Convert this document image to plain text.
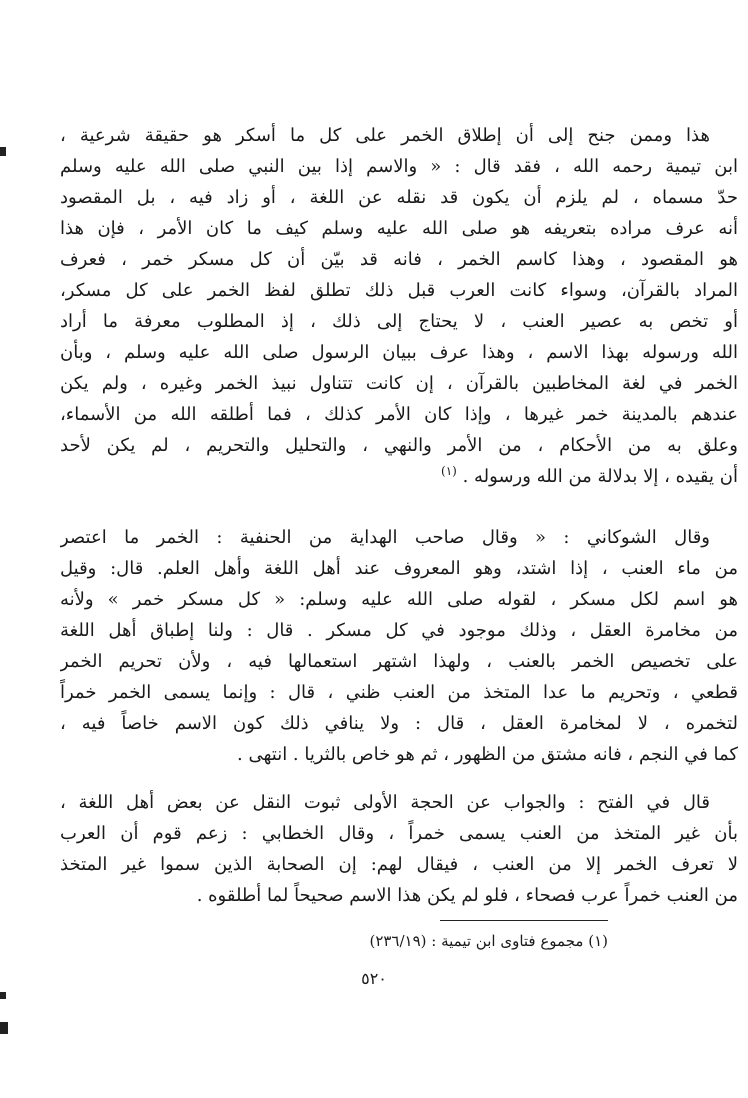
هذا وممن جنح إلى أن إطلاق الخمر على كل ما أسكر هو حقيقة شرعية ،
ابن تيمية رحمه الله ، فقد قال : « والاسم إذا بين النبي صلى الله عليه وسلم
حدّ مسماه ، لم يلزم أن يكون قد نقله عن اللغة ، أو زاد فيه ، بل المقصود
أنه عرف مراده بتعريفه هو صلى الله عليه وسلم كيف ما كان الأمر ، فإن هذا
هو المقصود ، وهذا كاسم الخمر ، فانه قد بيّن أن كل مسكر خمر ، فعرف
المراد بالقرآن، وسواء كانت العرب قبل ذلك تطلق لفظ الخمر على كل مسكر،
أو تخص به عصير العنب ، لا يحتاج إلى ذلك ، إذ المطلوب معرفة ما أراد
الله ورسوله بهذا الاسم ، وهذا عرف ببيان الرسول صلى الله عليه وسلم ، وبأن
الخمر في لغة المخاطبين بالقرآن ، إن كانت تتناول نبيذ الخمر وغيره ، ولم يكن
عندهم بالمدينة خمر غيرها ، وإذا كان الأمر كذلك ، فما أطلقه الله من الأسماء،
وعلق به من الأحكام ، من الأمر والنهي ، والتحليل والتحريم ، لم يكن لأحد
أن يقيده ، إلا بدلالة من الله ورسوله . $^{(١)}$
وقال الشوكاني : « وقال صاحب الهداية من الحنفية : الخمر ما اعتصر
من ماء العنب ، إذا اشتد، وهو المعروف عند أهل اللغة وأهل العلم. قال: وقيل
هو اسم لكل مسكر ، لقوله صلى الله عليه وسلم: « كل مسكر خمر » ولأنه
من مخامرة العقل ، وذلك موجود في كل مسكر . قال : ولنا إطباق أهل اللغة
على تخصيص الخمر بالعنب ، ولهذا اشتهر استعمالها فيه ، ولأن تحريم الخمر
قطعي ، وتحريم ما عدا المتخذ من العنب ظني ، قال : وإنما يسمى الخمر خمراً
لتخمره ، لا لمخامرة العقل ، قال : ولا ينافي ذلك كون الاسم خاصاً فيه ،
كما في النجم ، فانه مشتق من الظهور ، ثم هو خاص بالثريا . انتهى .
قال في الفتح : والجواب عن الحجة الأولى ثبوت النقل عن بعض أهل اللغة ،
بأن غير المتخذ من العنب يسمى خمراً ، وقال الخطابي : زعم قوم أن العرب
لا تعرف الخمر إلا من العنب ، فيقال لهم: إن الصحابة الذين سموا غير المتخذ
من العنب خمراً عرب فصحاء ، فلو لم يكن هذا الاسم صحيحاً لما أطلقوه .
(١) مجموع فتاوى ابن تيمية : (٢٣٦/١٩)
٥٢٠
